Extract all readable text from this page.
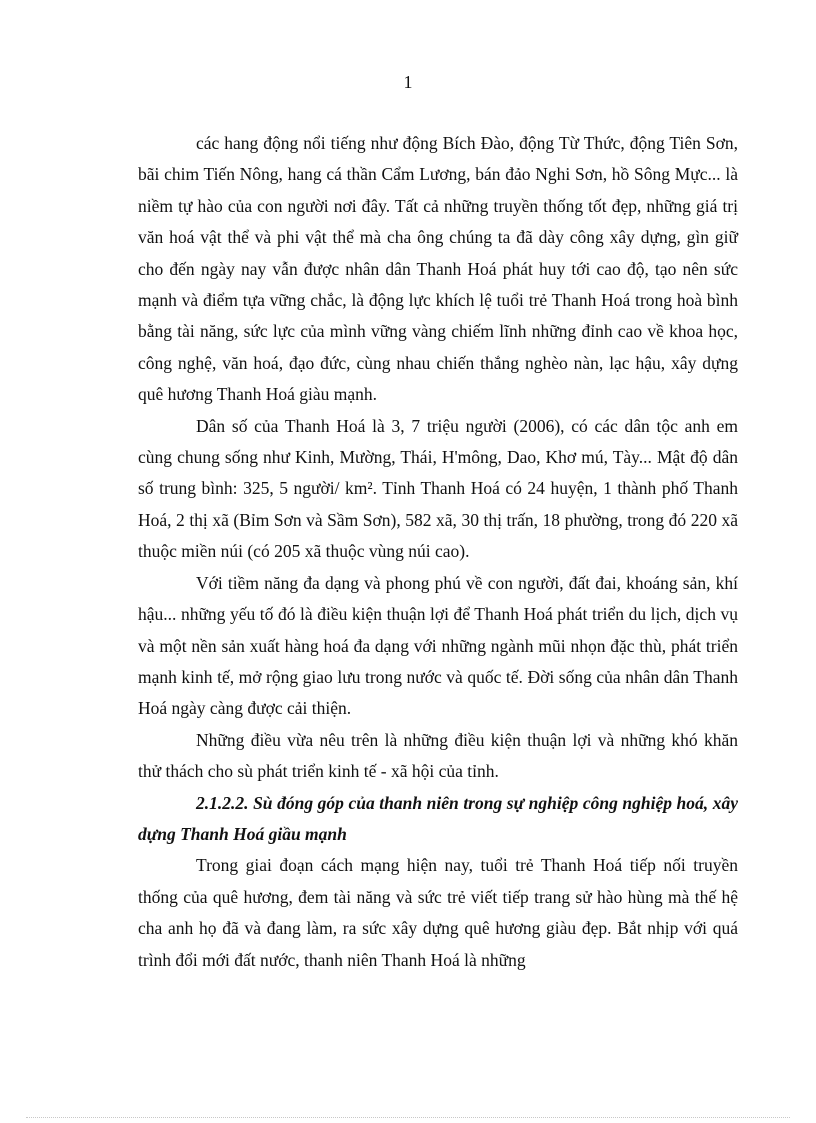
1

các hang động nổi tiếng như động Bích Đào, động Từ Thức, động Tiên Sơn, bãi chim Tiến Nông, hang cá thần Cẩm Lương, bán đảo Nghi Sơn, hồ Sông Mực... là niềm tự hào của con người nơi đây. Tất cả những truyền thống tốt đẹp, những giá trị văn hoá vật thể và phi vật thể mà cha ông chúng ta đã dày công xây dựng, gìn giữ cho đến ngày nay vẫn được nhân dân Thanh Hoá phát huy tới cao độ, tạo nên sức mạnh và điểm tựa vững chắc, là động lực khích lệ tuổi trẻ Thanh Hoá trong hoà bình bằng tài năng, sức lực của mình vững vàng chiếm lĩnh những đỉnh cao về khoa học, công nghệ, văn hoá, đạo đức, cùng nhau chiến thắng nghèo nàn, lạc hậu, xây dựng quê hương Thanh Hoá giàu mạnh.

Dân số của Thanh Hoá là 3, 7 triệu người (2006), có các dân tộc anh em cùng chung sống như Kinh, Mường, Thái, H'mông, Dao, Khơ mú, Tày... Mật độ dân số trung bình: 325, 5 người/ km². Tỉnh Thanh Hoá có 24 huyện, 1 thành phố Thanh Hoá, 2 thị xã (Bỉm Sơn và Sầm Sơn), 582 xã, 30 thị trấn, 18 phường, trong đó 220 xã thuộc miền núi (có 205 xã thuộc vùng núi cao).

Với tiềm năng đa dạng và phong phú về con người, đất đai, khoáng sản, khí hậu... những yếu tố đó là điều kiện thuận lợi để Thanh Hoá phát triển du lịch, dịch vụ và một nền sản xuất hàng hoá đa dạng với những ngành mũi nhọn đặc thù, phát triển mạnh kinh tế, mở rộng giao lưu trong nước và quốc tế. Đời sống của nhân dân Thanh Hoá ngày càng được cải thiện.

Những điều vừa nêu trên là những điều kiện thuận lợi và những khó khăn thử thách cho sù phát triển kinh tế - xã hội của tỉnh.

2.1.2.2. Sù đóng góp của thanh niên trong sự nghiệp công nghiệp hoá, xây dựng Thanh Hoá giầu mạnh

Trong giai đoạn cách mạng hiện nay, tuổi trẻ Thanh Hoá tiếp nối truyền thống của quê hương, đem tài năng và sức trẻ viết tiếp trang sử hào hùng mà thế hệ cha anh họ đã và đang làm, ra sức xây dựng quê hương giàu đẹp. Bắt nhịp với quá trình đổi mới đất nước, thanh niên Thanh Hoá là những
